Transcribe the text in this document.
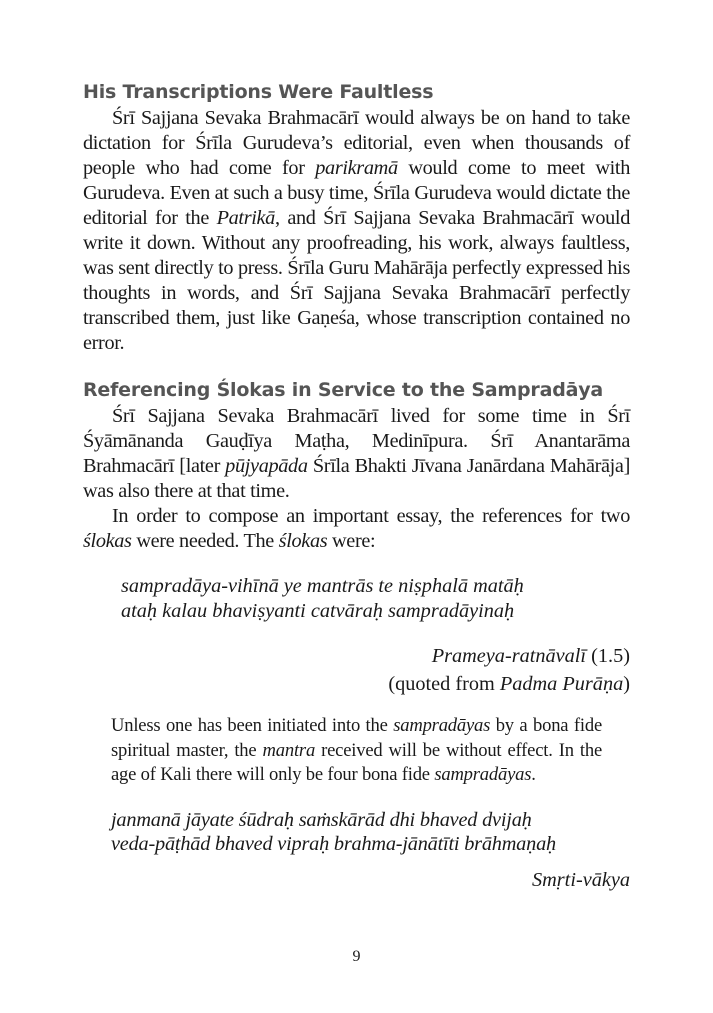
His Transcriptions Were Faultless

Śrī Sajjana Sevaka Brahmacārī would always be on hand to take dictation for Śrīla Gurudeva’s editorial, even when thousands of people who had come for parikramā would come to meet with Gurudeva. Even at such a busy time, Śrīla Gurudeva would dictate the editorial for the Patrikā, and Śrī Sajjana Sevaka Brahmacārī would write it down. Without any proofreading, his work, always faultless, was sent directly to press. Śrīla Guru Mahārāja perfectly expressed his thoughts in words, and Śrī Sajjana Sevaka Brahmacārī perfectly transcribed them, just like Gaṇeśa, whose transcription contained no error.

Referencing Ślokas in Service to the Sampradāya

Śrī Sajjana Sevaka Brahmacārī lived for some time in Śrī Śyāmānanda Gauḍīya Maṭha, Medinīpura. Śrī Anantarāma Brahmacārī [later pūjyapāda Śrīla Bhakti Jīvana Janārdana Mahārāja] was also there at that time.

In order to compose an important essay, the references for two ślokas were needed. The ślokas were:

sampradāya-vihīnā ye mantrās te niṣphalā matāḥ
ataḥ kalau bhaviṣyanti catvāraḥ sampradāyinaḥ
Prameya-ratnāvalī (1.5)
(quoted from Padma Purāṇa)
Unless one has been initiated into the sampradāyas by a bona fide spiritual master, the mantra received will be without effect. In the age of Kali there will only be four bona fide sampradāyas.
janmanā jāyate śūdraḥ saṁskārād dhi bhaved dvijaḥ
veda-pāṭhād bhaved vipraḥ brahma-jānātīti brāhmaṇaḥ
Smṛti-vākya
9
